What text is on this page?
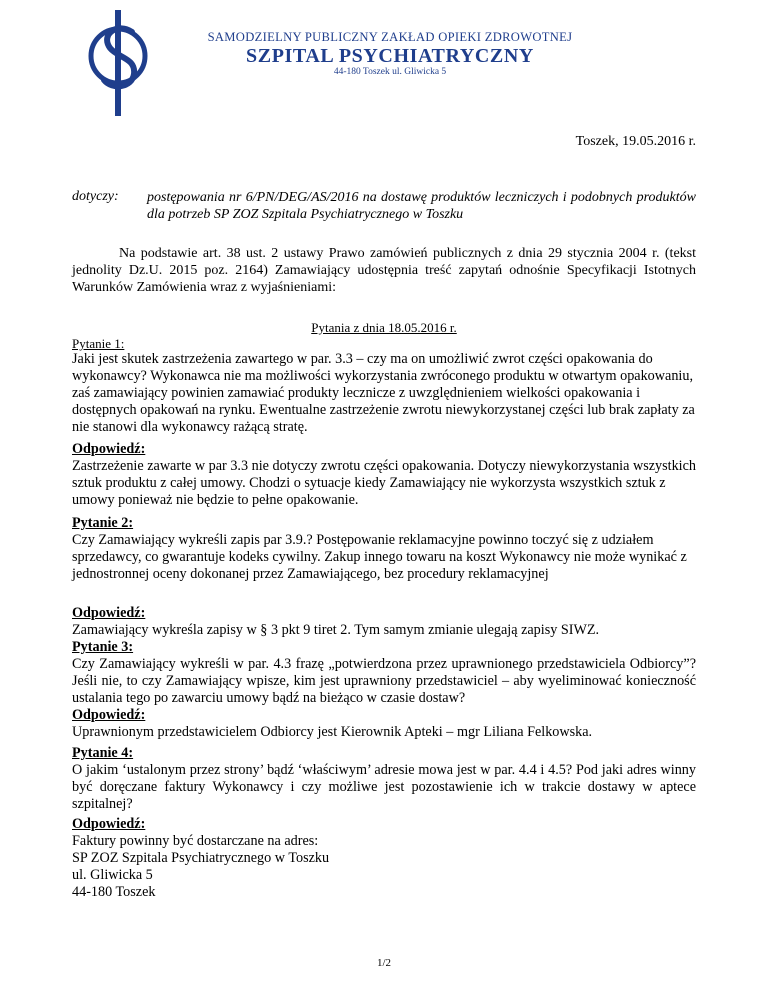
SAMODZIELNY PUBLICZNY ZAKŁAD OPIEKI ZDROWOTNEJ
SZPITAL PSYCHIATRYCZNY
44-180 Toszek ul. Gliwicka 5
Toszek, 19.05.2016 r.
dotyczy: postępowania nr 6/PN/DEG/AS/2016 na dostawę produktów leczniczych i podobnych produktów dla potrzeb SP ZOZ Szpitala Psychiatrycznego w Toszku
Na podstawie art. 38 ust. 2 ustawy Prawo zamówień publicznych z dnia 29 stycznia 2004 r. (tekst jednolity Dz.U. 2015 poz. 2164) Zamawiający udostępnia treść zapytań odnośnie Specyfikacji Istotnych Warunków Zamówienia wraz z wyjaśnieniami:
Pytania z dnia 18.05.2016 r.
Pytanie 1:
Jaki jest skutek zastrzeżenia zawartego w par. 3.3 – czy ma on umożliwić zwrot części opakowania do wykonawcy? Wykonawca nie ma możliwości wykorzystania zwróconego produktu w otwartym opakowaniu, zaś zamawiający powinien zamawiać produkty lecznicze z uwzględnieniem wielkości opakowania i dostępnych opakowań na rynku. Ewentualne zastrzeżenie zwrotu niewykorzystanej części lub brak zapłaty za nie stanowi dla wykonawcy rażącą stratę.
Odpowiedź:
Zastrzeżenie zawarte w par 3.3 nie dotyczy zwrotu części opakowania. Dotyczy niewykorzystania wszystkich sztuk produktu z całej umowy. Chodzi o sytuacje kiedy Zamawiający nie wykorzysta wszystkich sztuk z umowy ponieważ nie będzie to pełne opakowanie.
Pytanie 2:
Czy Zamawiający wykreśli zapis par 3.9.? Postępowanie reklamacyjne powinno toczyć się z udziałem sprzedawcy, co gwarantuje kodeks cywilny. Zakup innego towaru na koszt Wykonawcy nie może wynikać z jednostronnej oceny dokonanej przez Zamawiającego, bez procedury reklamacyjnej
Odpowiedź:
Zamawiający wykreśla zapisy w § 3 pkt 9 tiret 2. Tym samym zmianie ulegają zapisy SIWZ.
Pytanie 3:
Czy Zamawiający wykreśli w par. 4.3 frazę „potwierdzona przez uprawnionego przedstawiciela Odbiorcy”? Jeśli nie, to czy Zamawiający wpisze, kim jest uprawniony przedstawiciel – aby wyeliminować konieczność ustalania tego po zawarciu umowy bądź na bieżąco w czasie dostaw?
Odpowiedź:
Uprawnionym przedstawicielem Odbiorcy jest Kierownik Apteki – mgr Liliana Felkowska.
Pytanie 4:
O jakim ‘ustalonym przez strony’ bądź ‘właściwym’ adresie mowa jest w par. 4.4 i 4.5? Pod jaki adres winny być doręczane faktury Wykonawcy i czy możliwe jest pozostawienie ich w trakcie dostawy w aptece szpitalnej?
Odpowiedź:
Faktury powinny być dostarczane na adres:
SP ZOZ Szpitala Psychiatrycznego w Toszku
ul. Gliwicka 5
44-180 Toszek
1/2
